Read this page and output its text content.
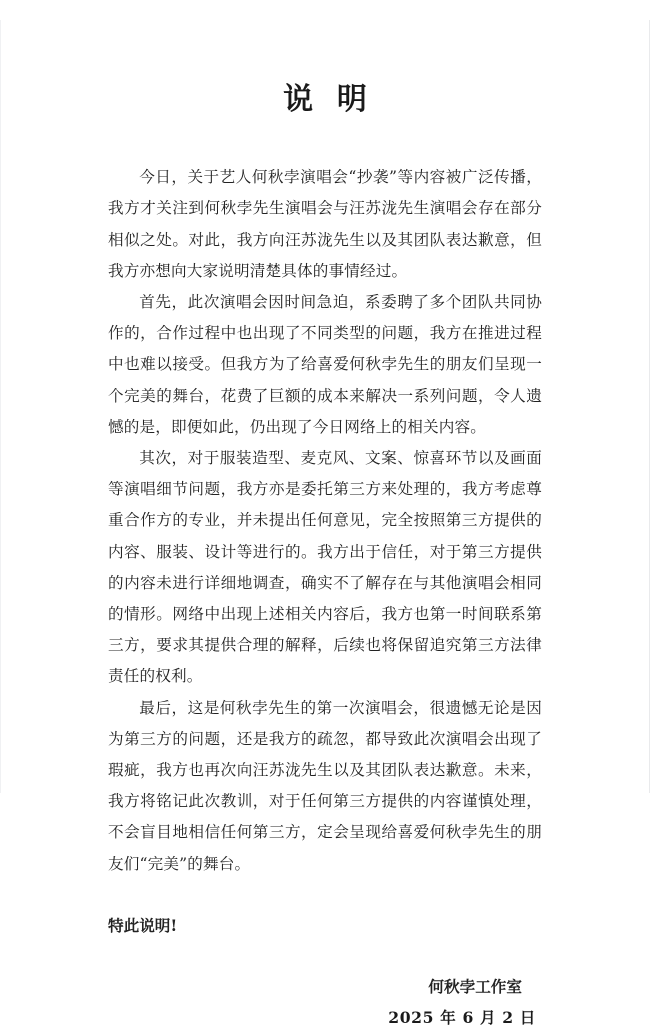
说 明

今日，关于艺人何秋孛演唱会“抄袭”等内容被广泛传播，我方才关注到何秋孛先生演唱会与汪苏泷先生演唱会存在部分相似之处。对此，我方向汪苏泷先生以及其团队表达歉意，但我方亦想向大家说明清楚具体的事情经过。

首先，此次演唱会因时间急迫，系委聘了多个团队共同协作的，合作过程中也出现了不同类型的问题，我方在推进过程中也难以接受。但我方为了给喜爱何秋孛先生的朋友们呈现一个完美的舞台，花费了巨额的成本来解决一系列问题，令人遗憾的是，即便如此，仍出现了今日网络上的相关内容。

其次，对于服装造型、麦克风、文案、惊喜环节以及画面等演唱细节问题，我方亦是委托第三方来处理的，我方考虑尊重合作方的专业，并未提出任何意见，完全按照第三方提供的内容、服装、设计等进行的。我方出于信任，对于第三方提供的内容未进行详细地调查，确实不了解存在与其他演唱会相同的情形。网络中出现上述相关内容后，我方也第一时间联系第三方，要求其提供合理的解释，后续也将保留追究第三方法律责任的权利。

最后，这是何秋孛先生的第一次演唱会，很遗憾无论是因为第三方的问题，还是我方的疏忽，都导致此次演唱会出现了瑕疵，我方也再次向汪苏泷先生以及其团队表达歉意。未来，我方将铭记此次教训，对于任何第三方提供的内容谨慎处理，不会盲目地相信任何第三方，定会呈现给喜爱何秋孛先生的朋友们“完美”的舞台。

特此说明!

何秋孛工作室
2025 年 6 月 2 日
